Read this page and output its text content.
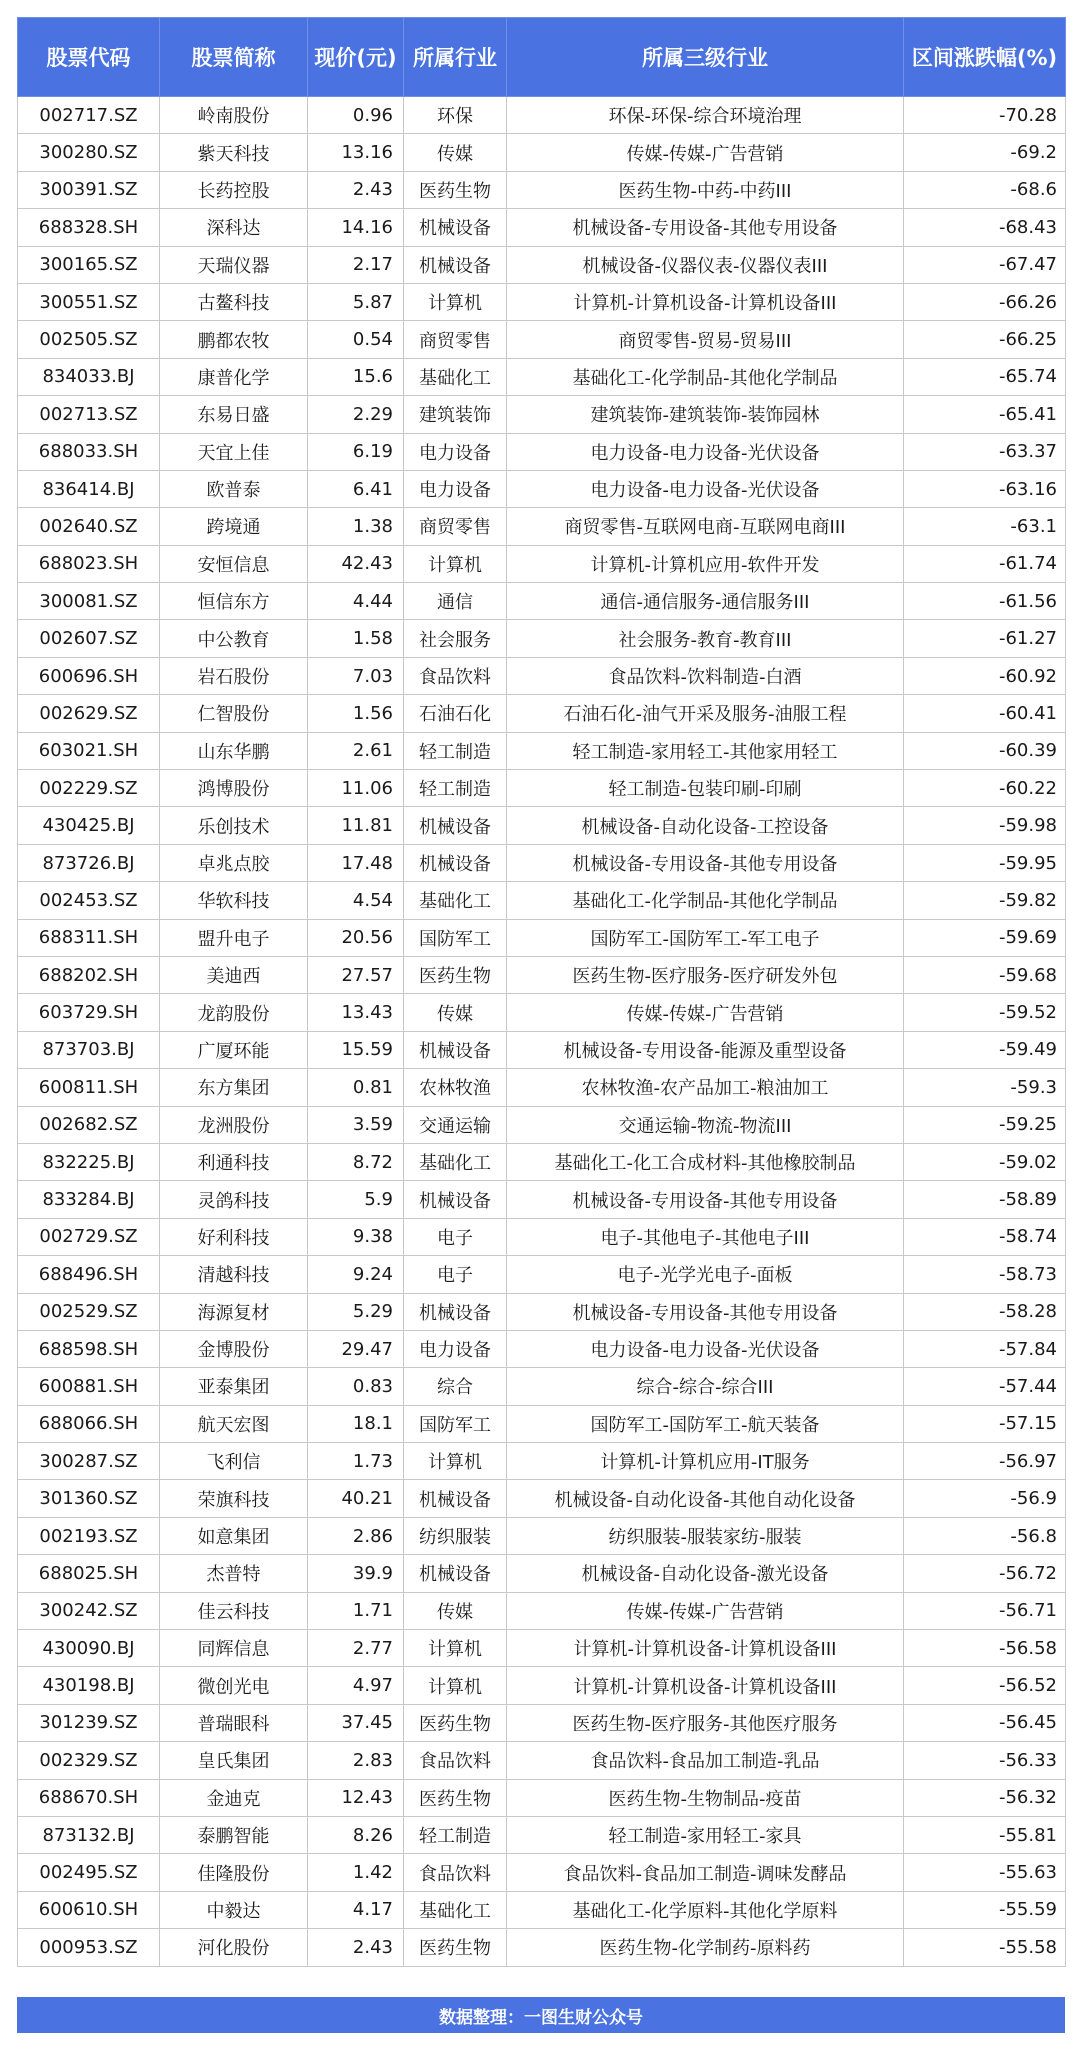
股票代码	股票简称	现价(元)	所属行业	所属三级行业	区间涨跌幅(%)
002717.SZ	岭南股份	0.96	环保	环保-环保-综合环境治理	-70.28
300280.SZ	紫天科技	13.16	传媒	传媒-传媒-广告营销	-69.2
300391.SZ	长药控股	2.43	医药生物	医药生物-中药-中药III	-68.6
688328.SH	深科达	14.16	机械设备	机械设备-专用设备-其他专用设备	-68.43
300165.SZ	天瑞仪器	2.17	机械设备	机械设备-仪器仪表-仪器仪表III	-67.47
300551.SZ	古鳌科技	5.87	计算机	计算机-计算机设备-计算机设备III	-66.26
002505.SZ	鹏都农牧	0.54	商贸零售	商贸零售-贸易-贸易III	-66.25
834033.BJ	康普化学	15.6	基础化工	基础化工-化学制品-其他化学制品	-65.74
002713.SZ	东易日盛	2.29	建筑装饰	建筑装饰-建筑装饰-装饰园林	-65.41
688033.SH	天宜上佳	6.19	电力设备	电力设备-电力设备-光伏设备	-63.37
836414.BJ	欧普泰	6.41	电力设备	电力设备-电力设备-光伏设备	-63.16
002640.SZ	跨境通	1.38	商贸零售	商贸零售-互联网电商-互联网电商III	-63.1
688023.SH	安恒信息	42.43	计算机	计算机-计算机应用-软件开发	-61.74
300081.SZ	恒信东方	4.44	通信	通信-通信服务-通信服务III	-61.56
002607.SZ	中公教育	1.58	社会服务	社会服务-教育-教育III	-61.27
600696.SH	岩石股份	7.03	食品饮料	食品饮料-饮料制造-白酒	-60.92
002629.SZ	仁智股份	1.56	石油石化	石油石化-油气开采及服务-油服工程	-60.41
603021.SH	山东华鹏	2.61	轻工制造	轻工制造-家用轻工-其他家用轻工	-60.39
002229.SZ	鸿博股份	11.06	轻工制造	轻工制造-包装印刷-印刷	-60.22
430425.BJ	乐创技术	11.81	机械设备	机械设备-自动化设备-工控设备	-59.98
873726.BJ	卓兆点胶	17.48	机械设备	机械设备-专用设备-其他专用设备	-59.95
002453.SZ	华软科技	4.54	基础化工	基础化工-化学制品-其他化学制品	-59.82
688311.SH	盟升电子	20.56	国防军工	国防军工-国防军工-军工电子	-59.69
688202.SH	美迪西	27.57	医药生物	医药生物-医疗服务-医疗研发外包	-59.68
603729.SH	龙韵股份	13.43	传媒	传媒-传媒-广告营销	-59.52
873703.BJ	广厦环能	15.59	机械设备	机械设备-专用设备-能源及重型设备	-59.49
600811.SH	东方集团	0.81	农林牧渔	农林牧渔-农产品加工-粮油加工	-59.3
002682.SZ	龙洲股份	3.59	交通运输	交通运输-物流-物流III	-59.25
832225.BJ	利通科技	8.72	基础化工	基础化工-化工合成材料-其他橡胶制品	-59.02
833284.BJ	灵鸽科技	5.9	机械设备	机械设备-专用设备-其他专用设备	-58.89
002729.SZ	好利科技	9.38	电子	电子-其他电子-其他电子III	-58.74
688496.SH	清越科技	9.24	电子	电子-光学光电子-面板	-58.73
002529.SZ	海源复材	5.29	机械设备	机械设备-专用设备-其他专用设备	-58.28
688598.SH	金博股份	29.47	电力设备	电力设备-电力设备-光伏设备	-57.84
600881.SH	亚泰集团	0.83	综合	综合-综合-综合III	-57.44
688066.SH	航天宏图	18.1	国防军工	国防军工-国防军工-航天装备	-57.15
300287.SZ	飞利信	1.73	计算机	计算机-计算机应用-IT服务	-56.97
301360.SZ	荣旗科技	40.21	机械设备	机械设备-自动化设备-其他自动化设备	-56.9
002193.SZ	如意集团	2.86	纺织服装	纺织服装-服装家纺-服装	-56.8
688025.SH	杰普特	39.9	机械设备	机械设备-自动化设备-激光设备	-56.72
300242.SZ	佳云科技	1.71	传媒	传媒-传媒-广告营销	-56.71
430090.BJ	同辉信息	2.77	计算机	计算机-计算机设备-计算机设备III	-56.58
430198.BJ	微创光电	4.97	计算机	计算机-计算机设备-计算机设备III	-56.52
301239.SZ	普瑞眼科	37.45	医药生物	医药生物-医疗服务-其他医疗服务	-56.45
002329.SZ	皇氏集团	2.83	食品饮料	食品饮料-食品加工制造-乳品	-56.33
688670.SH	金迪克	12.43	医药生物	医药生物-生物制品-疫苗	-56.32
873132.BJ	泰鹏智能	8.26	轻工制造	轻工制造-家用轻工-家具	-55.81
002495.SZ	佳隆股份	1.42	食品饮料	食品饮料-食品加工制造-调味发酵品	-55.63
600610.SH	中毅达	4.17	基础化工	基础化工-化学原料-其他化学原料	-55.59
000953.SZ	河化股份	2.43	医药生物	医药生物-化学制药-原料药	-55.58
数据整理：一图生财公众号
